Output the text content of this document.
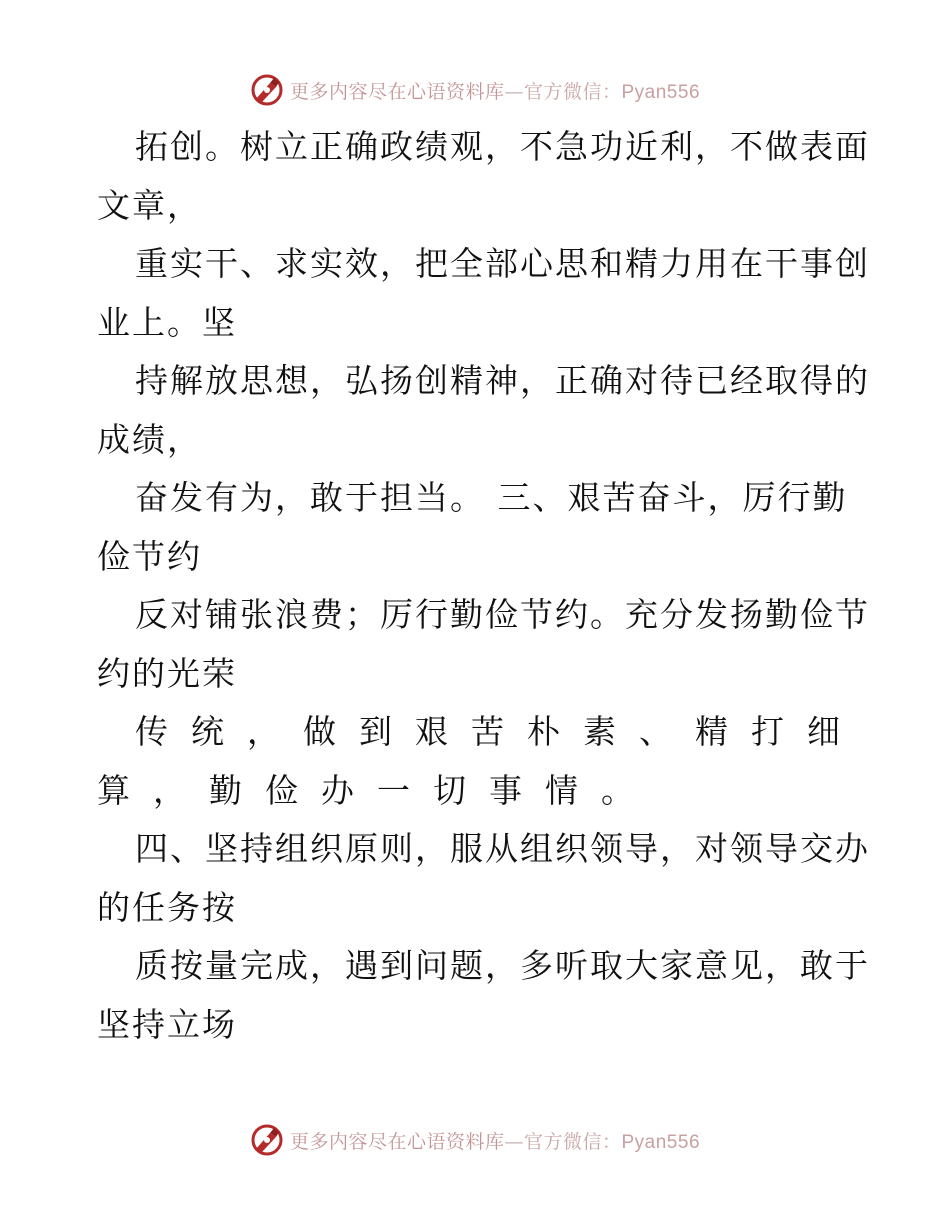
更多内容尽在心语资料库—官方微信：Pyan556
拓创。树立正确政绩观，不急功近利，不做表面
文章，
重实干、求实效，把全部心思和精力用在干事创
业上。坚
持解放思想，弘扬创精神，正确对待已经取得的
成绩，
奋发有为，敢于担当。 三、艰苦奋斗，厉行勤
俭节约
反对铺张浪费；厉行勤俭节约。充分发扬勤俭节
约的光荣
传统，做到艰苦朴素、精打细
算，勤俭办一切事情。
四、坚持组织原则，服从组织领导，对领导交办
的任务按
质按量完成，遇到问题，多听取大家意见，敢于
坚持立场
更多内容尽在心语资料库—官方微信：Pyan556
